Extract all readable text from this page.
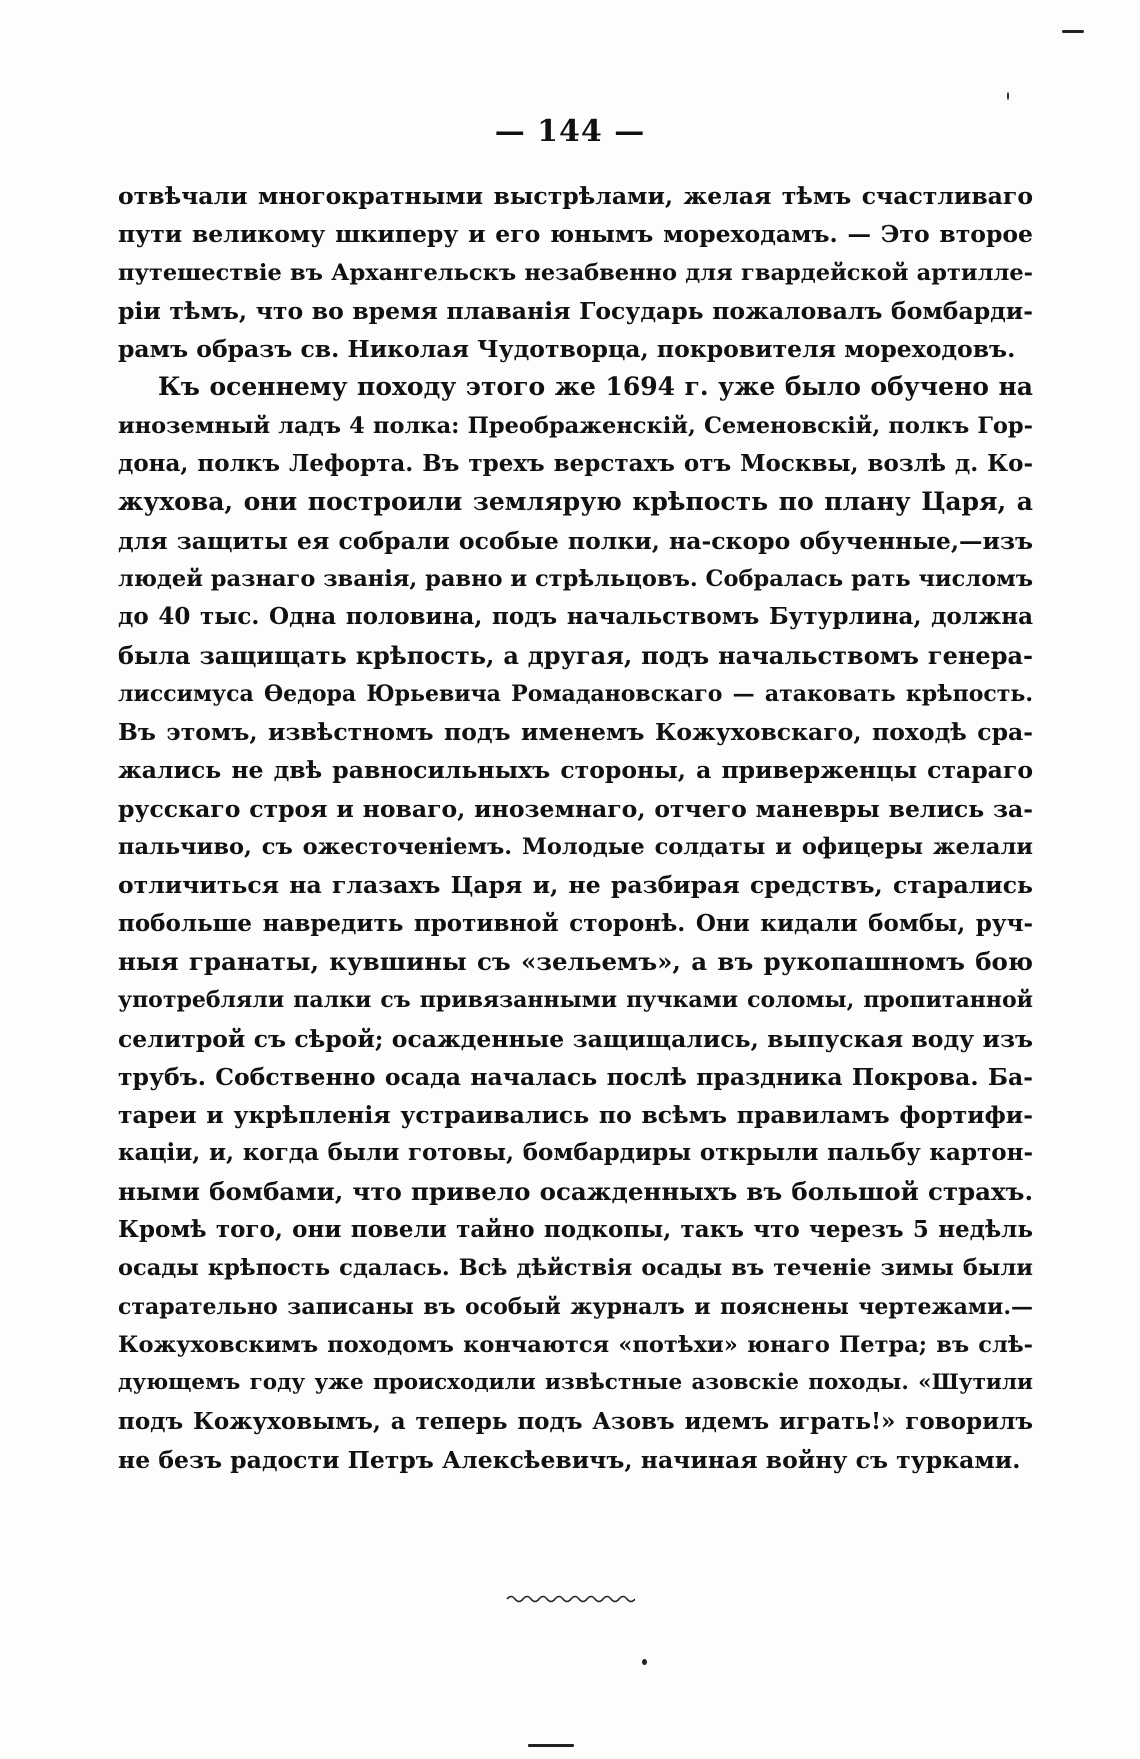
— 144 —
отвѣчали многократными выстрѣлами, желая тѣмъ счастливаго
пути великому шкиперу и его юнымъ мореходамъ. — Это второе
путешествіе въ Архангельскъ незабвенно для гвардейской артилле-
ріи тѣмъ, что во время плаванія Государь пожаловалъ бомбарди-
рамъ образъ св. Николая Чудотворца, покровителя мореходовъ.
Къ осеннему походу этого же 1694 г. уже было обучено на
иноземный ладъ 4 полка: Преображенскій, Семеновскій, полкъ Гор-
дона, полкъ Лефорта. Въ трехъ верстахъ отъ Москвы, возлѣ д. Ко-
жухова, они построили землярую крѣпость по плану Царя, а
для защиты ея собрали особые полки, на-скоро обученные,—изъ
людей разнаго званія, равно и стрѣльцовъ. Собралась рать числомъ
до 40 тыс. Одна половина, подъ начальствомъ Бутурлина, должна
была защищать крѣпость, а другая, подъ начальствомъ генера-
лиссимуса Ѳедора Юрьевича Ромадановскаго — атаковать крѣпость.
Въ этомъ, извѣстномъ подъ именемъ Кожуховскаго, походѣ сра-
жались не двѣ равносильныхъ стороны, а приверженцы стараго
русскаго строя и новаго, иноземнаго, отчего маневры велись за-
пальчиво, съ ожесточеніемъ. Молодые солдаты и офицеры желали
отличиться на глазахъ Царя и, не разбирая средствъ, старались
побольше навредить противной сторонѣ. Они кидали бомбы, руч-
ныя гранаты, кувшины съ «зельемъ», а въ рукопашномъ бою
употребляли палки съ привязанными пучками соломы, пропитанной
селитрой съ сѣрой; осажденные защищались, выпуская воду изъ
трубъ. Собственно осада началась послѣ праздника Покрова. Ба-
тареи и укрѣпленія устраивались по всѣмъ правиламъ фортифи-
каціи, и, когда были готовы, бомбардиры открыли пальбу картон-
ными бомбами, что привело осажденныхъ въ большой страхъ.
Кромѣ того, они повели тайно подкопы, такъ что черезъ 5 недѣль
осады крѣпость сдалась. Всѣ дѣйствія осады въ теченіе зимы были
старательно записаны въ особый журналъ и пояснены чертежами.—
Кожуховскимъ походомъ кончаются «потѣхи» юнаго Петра; въ слѣ-
дующемъ году уже происходили извѣстные азовскіе походы. «Шутили
подъ Кожуховымъ, а теперь подъ Азовъ идемъ играть!» говорилъ
не безъ радости Петръ Алексѣевичъ, начиная войну съ турками.
